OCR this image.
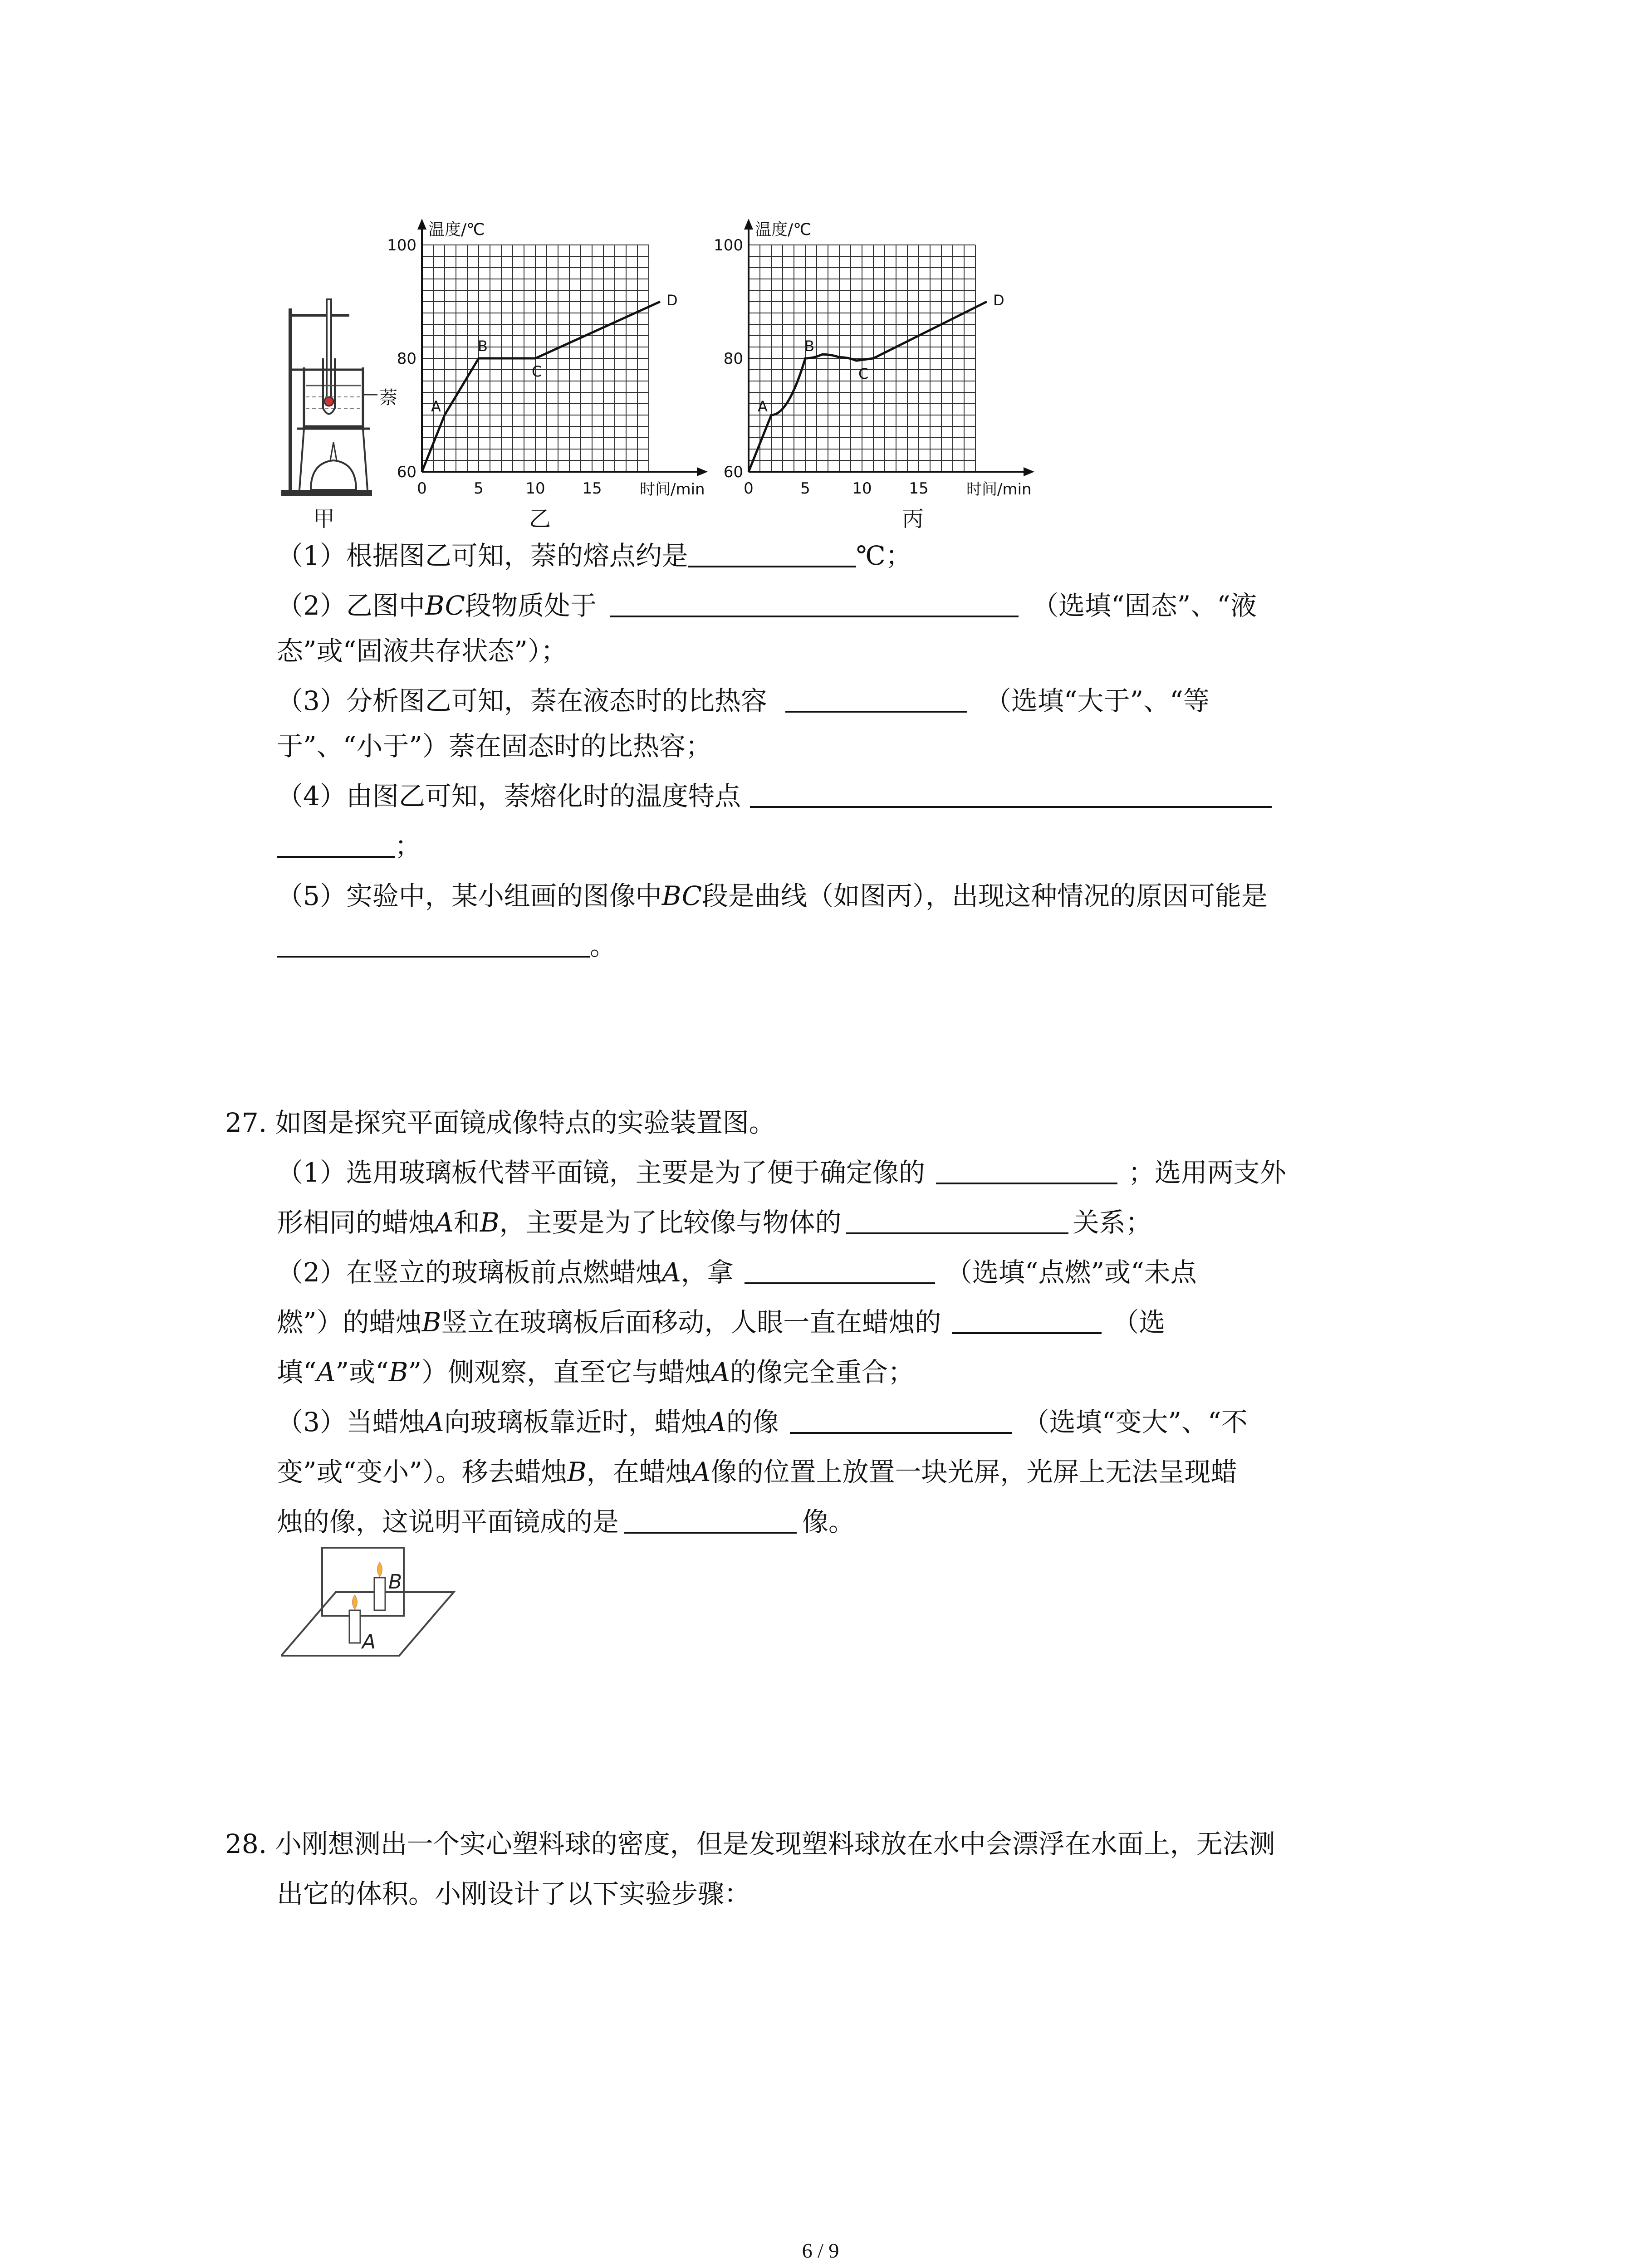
萘
甲
温度/℃
时间/min
60
80
100
0	5	10 15
A
B
C
D
乙
温度/℃
时间/min
60
80
100
0	5	10 15
A
B
C
D
丙
（1）根据图乙可知，萘的熔点约是	℃；
（2）乙图中BC段物质处于	（选填“固态”、“液
态”或“固液共存状态”）；
（3）分析图乙可知，萘在液态时的比热容	（选填“大于”、“等
于”、“小于”）萘在固态时的比热容；
（4）由图乙可知，萘熔化时的温度特点
；
（5）实验中，某小组画的图像中BC段是曲线（如图丙），出现这种情况的原因可能是
。
27. 如图是探究平面镜成像特点的实验装置图。
（1）选用玻璃板代替平面镜，主要是为了便于确定像的	；选用两支外
形相同的蜡烛A和B，主要是为了比较像与物体的	关系；
（2）在竖立的玻璃板前点燃蜡烛A，拿	（选填“点燃”或“未点
燃”）的蜡烛B竖立在玻璃板后面移动，人眼一直在蜡烛的	（选
填“A”或“B”）侧观察，直至它与蜡烛A的像完全重合；
（3）当蜡烛A向玻璃板靠近时，蜡烛A的像	（选填“变大”、“不
变”或“变小”）。移去蜡烛B，在蜡烛A像的位置上放置一块光屏，光屏上无法呈现蜡
烛的像，这说明平面镜成的是	像。
B
A
28. 小刚想测出一个实心塑料球的密度，但是发现塑料球放在水中会漂浮在水面上，无法测
出它的体积。小刚设计了以下实验步骤：
6 / 9
